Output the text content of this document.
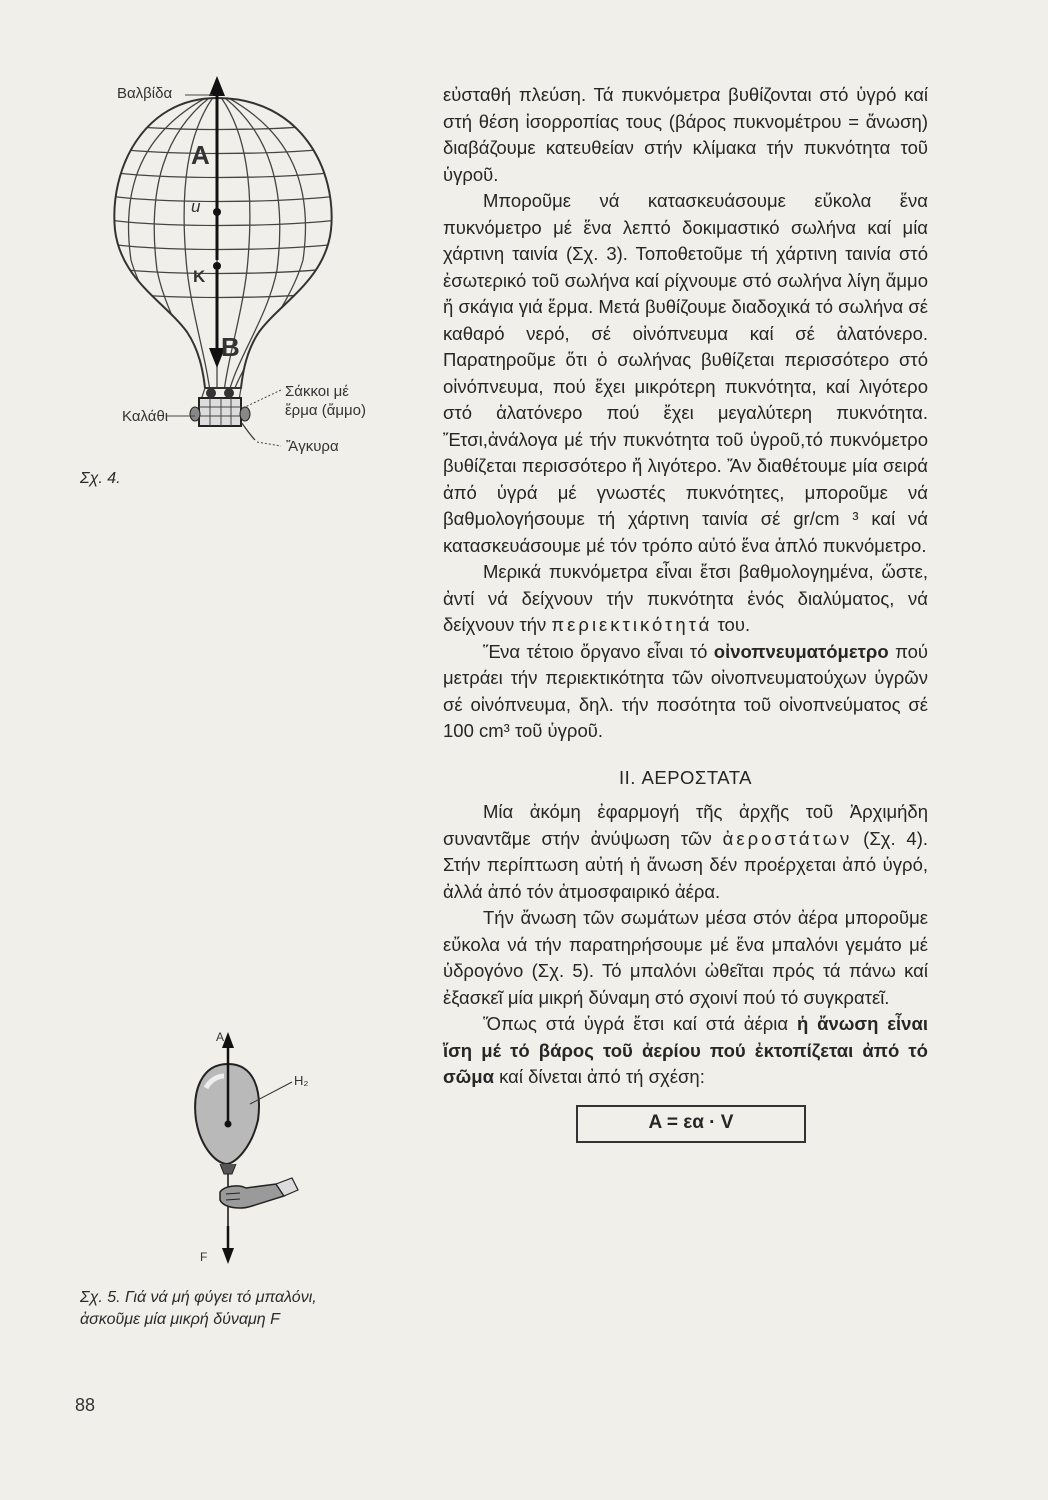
Βαλβίδα
A
u
K
B
Σάκκοι μέ
ἕρμα (ἄμμο)
Καλάθι
Ἄγκυρα
Σχ. 4.
A
H₂
F
Σχ. 5. Γιά νά μή φύγει τό μπαλόνι,
ἀσκοῦμε μία μικρή δύναμη F
88

εὐσταθή πλεύση. Τά πυκνόμετρα βυθίζονται στό ὑγρό καί στή θέση ἰσορροπίας τους (βάρος πυκνομέτρου = ἄνωση) διαβάζουμε κατευθείαν στήν κλίμακα τήν πυκνότητα τοῦ ὑγροῦ.

Μποροῦμε νά κατασκευάσουμε εὔκολα ἕνα πυκνόμετρο μέ ἕνα λεπτό δοκιμαστικό σωλήνα καί μία χάρτινη ταινία (Σχ. 3). Τοποθετοῦμε τή χάρτινη ταινία στό ἐσωτερικό τοῦ σωλήνα καί ρίχνουμε στό σωλήνα λίγη ἄμμο ἤ σκάγια γιά ἕρμα. Μετά βυθίζουμε διαδοχικά τό σωλήνα σέ καθαρό νερό, σέ οἰνόπνευμα καί σέ ἁλατόνερο. Παρατηροῦμε ὅτι ὁ σωλήνας βυθίζεται περισσότερο στό οἰνόπνευμα, πού ἔχει μικρότερη πυκνότητα, καί λιγότερο στό ἁλατόνερο πού ἔχει μεγαλύτερη πυκνότητα. Ἔτσι,ἀνάλογα μέ τήν πυκνότητα τοῦ ὑγροῦ,τό πυκνόμετρο βυθίζεται περισσότερο ἤ λιγότερο. Ἄν διαθέτουμε μία σειρά ἀπό ὑγρά μέ γνωστές πυκνότητες, μποροῦμε νά βαθμολογήσουμε τή χάρτινη ταινία σέ gr/cm ³ καί νά κατασκευάσουμε μέ τόν τρόπο αὐτό ἕνα ἁπλό πυκνόμετρο.

Μερικά πυκνόμετρα εἶναι ἔτσι βαθμολογημένα, ὥστε, ἀντί νά δείχνουν τήν πυκνότητα ἑνός διαλύματος, νά δείχνουν τήν περιεκτικότητά του.

Ἕνα τέτοιο ὄργανο εἶναι τό οἰνοπνευματόμετρο πού μετράει τήν περιεκτικότητα τῶν οἰνοπνευματούχων ὑγρῶν σέ οἰνόπνευμα, δηλ. τήν ποσότητα τοῦ οἰνοπνεύματος σέ 100 cm³ τοῦ ὑγροῦ.

II. ΑΕΡΟΣΤΑΤΑ

Μία ἀκόμη ἐφαρμογή τῆς ἀρχῆς τοῦ Ἀρχιμήδη συναντᾶμε στήν ἀνύψωση τῶν ἀεροστάτων (Σχ. 4). Στήν περίπτωση αὐτή ἡ ἄνωση δέν προέρχεται ἀπό ὑγρό, ἀλλά ἀπό τόν ἀτμοσφαιρικό ἀέρα.

Τήν ἄνωση τῶν σωμάτων μέσα στόν ἀέρα μποροῦμε εὔκολα νά τήν παρατηρήσουμε μέ ἕνα μπαλόνι γεμάτο μέ ὑδρογόνο (Σχ. 5). Τό μπαλόνι ὠθεῖται πρός τά πάνω καί ἐξασκεῖ μία μικρή δύναμη στό σχοινί πού τό συγκρατεῖ.

Ὅπως στά ὑγρά ἔτσι καί στά ἀέρια ἡ ἄνωση εἶναι ἴση μέ τό βάρος τοῦ ἀερίου πού ἐκτοπίζεται ἀπό τό σῶμα καί δίνεται ἀπό τή σχέση:

A = εα · V
